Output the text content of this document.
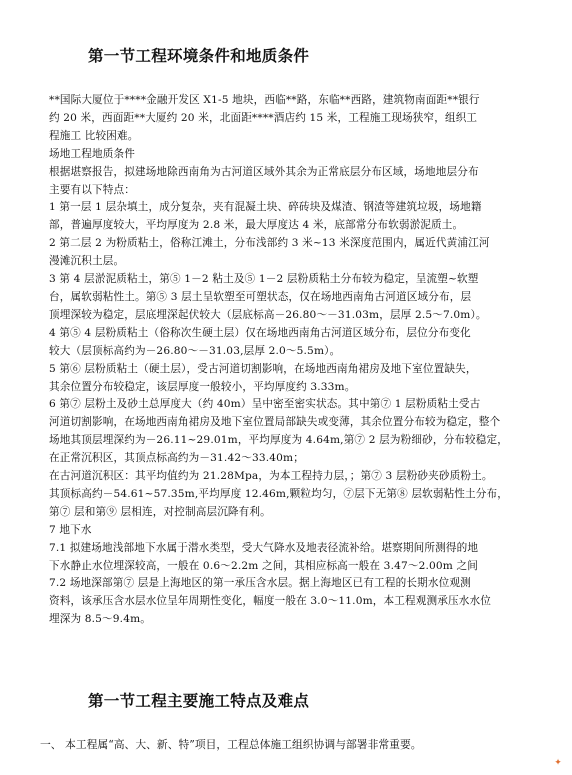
第一节工程环境条件和地质条件

**国际大厦位于****金融开发区 X1-5 地块，西临**路，东临**西路，建筑物南面距**银行

约 20 米，西面距**大厦约 20 米，北面距****酒店约 15 米，工程施工现场狭窄，组织工

程施工 比较困难。

场地工程地质条件

根据堪察报告，拟建场地除西南角为古河道区域外其余为正常底层分布区域，场地地层分布

主要有以下特点：

1 第一层 1 层杂填土，成分复杂，夹有混凝土块、碎砖块及煤渣、钢渣等建筑垃圾，场地籍

部，普遍厚度较大，平均厚度为 2.8 米，最大厚度达 4 米，底部常分布软弱淤泥质土。

2 第二层 2 为粉质粘土，俗称江滩土，分布浅部约 3 米~13 米深度范围内，属近代黄浦江河

漫滩沉积土层。

3 第 4 层淤泥质粘土，第⑤ 1－2 粘土及⑤ 1－2 层粉质粘土分布较为稳定，呈流塑~软塑

台，属软弱粘性土。第⑤ 3 层土呈软塑至可塑状态，仅在场地西南角古河道区域分布，层

顶埋深较为稳定，层底埋深起伏较大（层底标高－26.80～－31.03m，层厚 2.5～7.0m）。

4 第⑤ 4 层粉质粘土（俗称次生硬土层）仅在场地西南角古河道区域分布，层位分布变化

较大（层顶标高约为－26.80～－31.03,层厚 2.0～5.5m）。

5 第⑥ 层粉质粘土（硬土层），受古河道切割影响，在场地西南角裙房及地下室位置缺失，

其余位置分布较稳定，该层厚度一般较小，平均厚度约 3.33m。

6 第⑦ 层粉土及砂土总厚度大（约 40m）呈中密至密实状态。其中第⑦ 1 层粉质粘土受古

河道切割影响，在场地西南角裙房及地下室位置局部缺失或变薄，其余位置分布较为稳定，整个

场地其顶层埋深约为－26.11~29.01m，平均厚度为 4.64m,第⑦ 2 层为粉细砂，分布较稳定，

在正常沉积区，其顶点标高约为－31.42～33.40m；

在古河道沉积区：其平均值约为 21.28Mpa，为本工程持力层，；第⑦ 3 层粉砂夹砂质粉土。

其顶标高约－54.61~57.35m,平均厚度 12.46m,颗粒均匀，⑦层下无第⑧ 层软弱粘性土分布，

第⑦ 层和第⑨ 层相连，对控制高层沉降有利。

7 地下水

7.1 拟建场地浅部地下水属于潜水类型，受大气降水及地表径流补给。堪察期间所测得的地

下水静止水位埋深较高，一般在 0.6～2.2m 之间，其相应标高一般在 3.47～2.00m 之间

7.2 场地深部第⑦ 层是上海地区的第一承压含水层。据上海地区已有工程的长期水位观测

资料，该承压含水层水位呈年周期性变化，幅度一般在 3.0～11.0m，本工程观测承压水水位

埋深为 8.5～9.4m。

第一节工程主要施工特点及难点

一、 本工程属“高、大、新、特”项目，工程总体施工组织协调与部署非常重要。

✦
